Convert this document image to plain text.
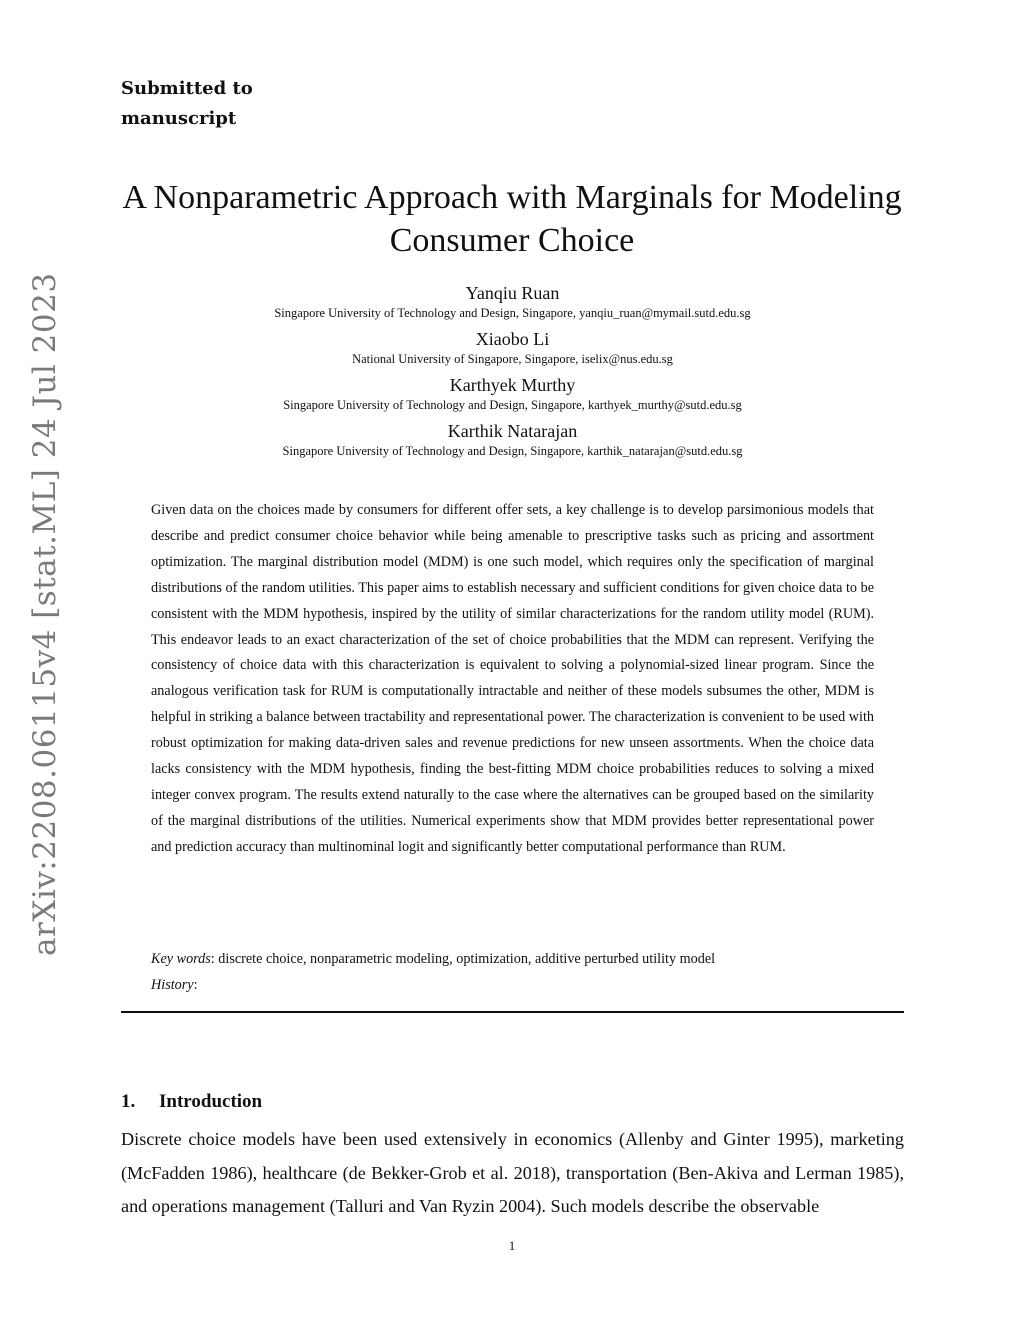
Submitted to
manuscript
arXiv:2208.06115v4 [stat.ML] 24 Jul 2023
A Nonparametric Approach with Marginals for Modeling Consumer Choice
Yanqiu Ruan
Singapore University of Technology and Design, Singapore, yanqiu_ruan@mymail.sutd.edu.sg
Xiaobo Li
National University of Singapore, Singapore, iselix@nus.edu.sg
Karthyek Murthy
Singapore University of Technology and Design, Singapore, karthyek_murthy@sutd.edu.sg
Karthik Natarajan
Singapore University of Technology and Design, Singapore, karthik_natarajan@sutd.edu.sg

Given data on the choices made by consumers for different offer sets, a key challenge is to develop parsimonious models that describe and predict consumer choice behavior while being amenable to prescriptive tasks such as pricing and assortment optimization. The marginal distribution model (MDM) is one such model, which requires only the specification of marginal distributions of the random utilities. This paper aims to establish necessary and sufficient conditions for given choice data to be consistent with the MDM hypothesis, inspired by the utility of similar characterizations for the random utility model (RUM). This endeavor leads to an exact characterization of the set of choice probabilities that the MDM can represent. Verifying the consistency of choice data with this characterization is equivalent to solving a polynomial-sized linear program. Since the analogous verification task for RUM is computationally intractable and neither of these models subsumes the other, MDM is helpful in striking a balance between tractability and representational power. The characterization is convenient to be used with robust optimization for making data-driven sales and revenue predictions for new unseen assortments. When the choice data lacks consistency with the MDM hypothesis, finding the best-fitting MDM choice probabilities reduces to solving a mixed integer convex program. The results extend naturally to the case where the alternatives can be grouped based on the similarity of the marginal distributions of the utilities. Numerical experiments show that MDM provides better representational power and prediction accuracy than multinominal logit and significantly better computational performance than RUM.

Key words: discrete choice, nonparametric modeling, optimization, additive perturbed utility model
History:
1. Introduction

Discrete choice models have been used extensively in economics (Allenby and Ginter 1995), marketing (McFadden 1986), healthcare (de Bekker-Grob et al. 2018), transportation (Ben-Akiva and Lerman 1985), and operations management (Talluri and Van Ryzin 2004). Such models describe the observable

1
